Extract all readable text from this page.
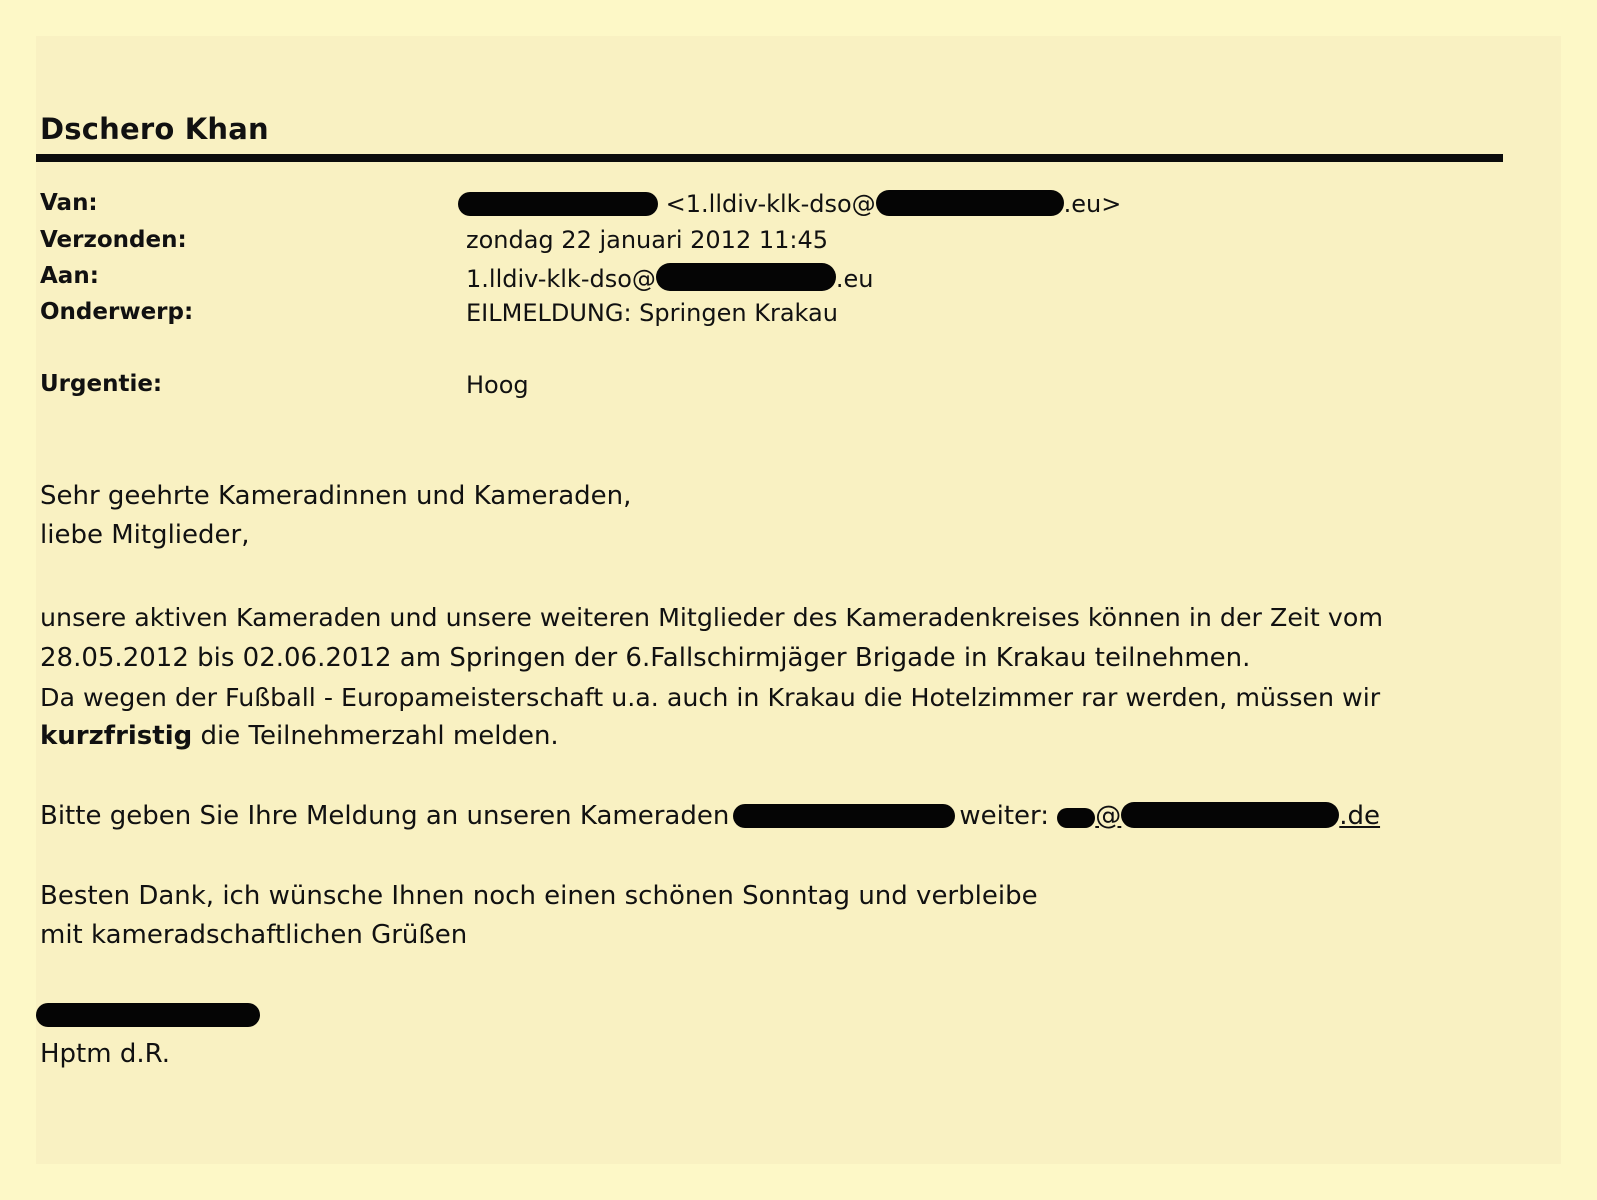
Dschero Khan
Van:	<1.lldiv-klk-dso@	.eu>
Verzonden:	zondag 22 januari 2012 11:45
Aan:	1.lldiv-klk-dso@	.eu
Onderwerp:	EILMELDUNG: Springen Krakau
Urgentie:	Hoog
Sehr geehrte Kameradinnen und Kameraden,
liebe Mitglieder,
unsere aktiven Kameraden und unsere weiteren Mitglieder des Kameradenkreises können in der Zeit vom
28.05.2012 bis 02.06.2012 am Springen der 6.Fallschirmjäger Brigade in Krakau teilnehmen.
Da wegen der Fußball - Europameisterschaft u.a. auch in Krakau die Hotelzimmer rar werden, müssen wir
kurzfristig die Teilnehmerzahl melden.
Bitte geben Sie Ihre Meldung an unseren Kameraden	weiter: @	.de
Besten Dank, ich wünsche Ihnen noch einen schönen Sonntag und verbleibe
mit kameradschaftlichen Grüßen
Hptm d.R.
